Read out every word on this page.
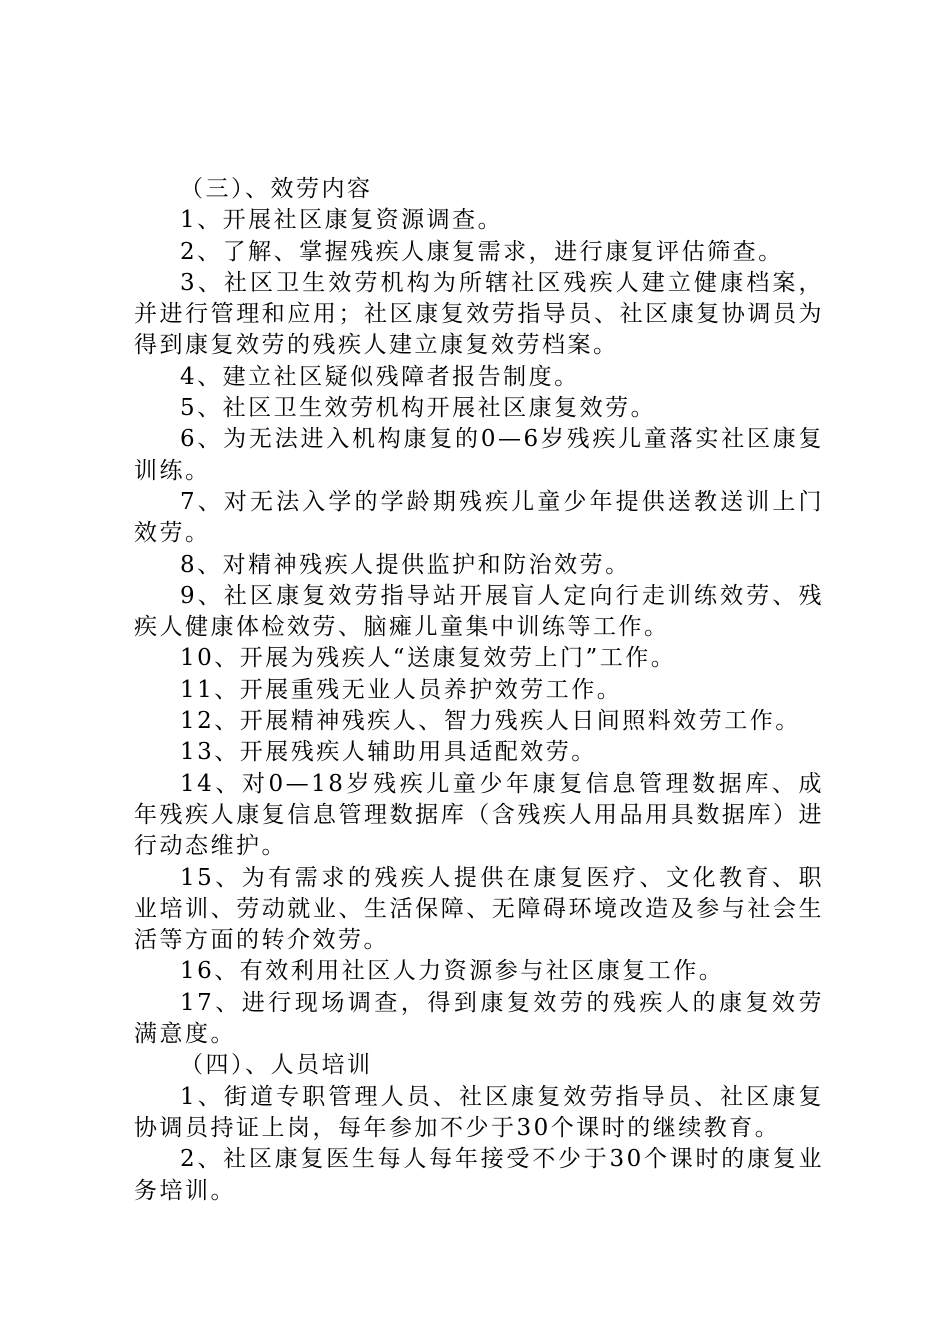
（三）、效劳内容

1、开展社区康复资源调查。

2、了解、掌握残疾人康复需求，进行康复评估筛查。

3、社区卫生效劳机构为所辖社区残疾人建立健康档案，并进行管理和应用；社区康复效劳指导员、社区康复协调员为得到康复效劳的残疾人建立康复效劳档案。

4、建立社区疑似残障者报告制度。

5、社区卫生效劳机构开展社区康复效劳。

6、为无法进入机构康复的0—6岁残疾儿童落实社区康复训练。

7、对无法入学的学龄期残疾儿童少年提供送教送训上门效劳。

8、对精神残疾人提供监护和防治效劳。

9、社区康复效劳指导站开展盲人定向行走训练效劳、残疾人健康体检效劳、脑瘫儿童集中训练等工作。

10、开展为残疾人“送康复效劳上门”工作。

11、开展重残无业人员养护效劳工作。

12、开展精神残疾人、智力残疾人日间照料效劳工作。

13、开展残疾人辅助用具适配效劳。

14、对0—18岁残疾儿童少年康复信息管理数据库、成年残疾人康复信息管理数据库（含残疾人用品用具数据库）进行动态维护。

15、为有需求的残疾人提供在康复医疗、文化教育、职业培训、劳动就业、生活保障、无障碍环境改造及参与社会生活等方面的转介效劳。

16、有效利用社区人力资源参与社区康复工作。

17、进行现场调查，得到康复效劳的残疾人的康复效劳满意度。

（四）、人员培训

1、街道专职管理人员、社区康复效劳指导员、社区康复协调员持证上岗，每年参加不少于30个课时的继续教育。

2、社区康复医生每人每年接受不少于30个课时的康复业务培训。
